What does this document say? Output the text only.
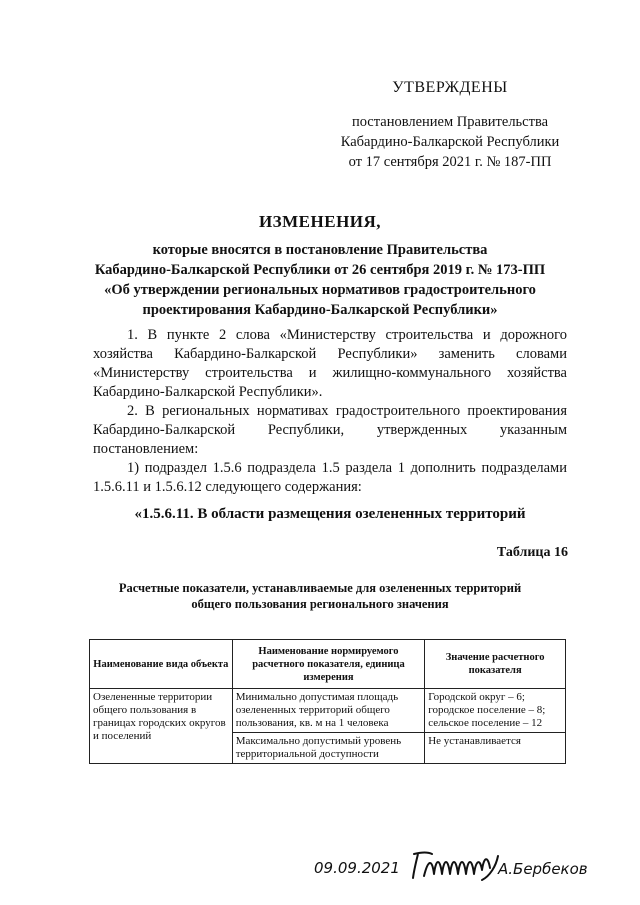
УТВЕРЖДЕНЫ
постановлением Правительства
Кабардино-Балкарской Республики
от 17 сентября 2021 г. № 187-ПП
ИЗМЕНЕНИЯ,
которые вносятся в постановление Правительства
Кабардино-Балкарской Республики от 26 сентября 2019 г. № 173-ПП
«Об утверждении региональных нормативов градостроительного
проектирования Кабардино-Балкарской Республики»
1. В пункте 2 слова «Министерству строительства и дорожного хозяйства Кабардино-Балкарской Республики» заменить словами «Министерству строительства и жилищно-коммунального хозяйства Кабардино-Балкарской Республики».
2. В региональных нормативах градостроительного проектирования Кабардино-Балкарской Республики, утвержденных указанным постановлением:
1) подраздел 1.5.6 подраздела 1.5 раздела 1 дополнить подразделами 1.5.6.11 и 1.5.6.12 следующего содержания:
«1.5.6.11. В области размещения озелененных территорий
Таблица 16
Расчетные показатели, устанавливаемые для озелененных территорий
общего пользования регионального значения
Наименование вида объекта	Наименование нормируемого расчетного показателя, единица измерения	Значение расчетного показателя
Озелененные территории общего пользования в границах городских округов и поселений	Минимально допустимая площадь озелененных территорий общего пользования, кв. м на 1 человека	Городской округ – 6; городское поселение – 8; сельское поселение – 12
	Максимально допустимый уровень территориальной доступности	Не устанавливается
09.09.2021	А.Бербеков
